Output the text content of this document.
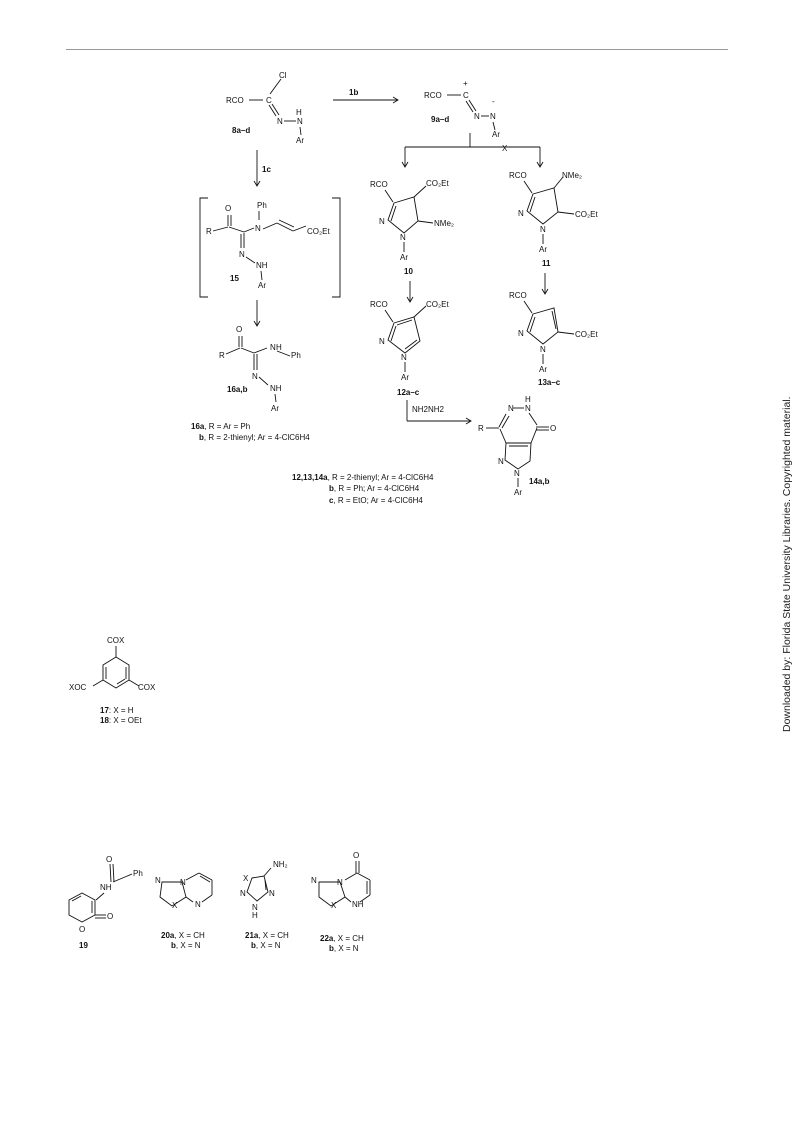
RCO	C
Cl
N N
H
Ar
8a–d
1b	RCO	C
+
N N
-
Ar
9a–d
X
1c
O
R	N
Ph
CO₂Et
N
NH
Ar
15
O
R
N H
Ph
N
NH
Ar
16a,b
16a, R = Ar = Ph
b, R = 2-thienyl; Ar = 4-ClC6H4
RCO	CO₂Et
NMe₂
N
N
Ar
10
RCO	NMe₂
CO₂Et
N
N
Ar
11
RCO	CO₂Et
N
N
Ar
12a–c
RCO
CO₂Et
N
N
Ar
13a–c
NH2NH2	N N
H
O
R
N
N
Ar
14a,b
12,13,14a, R = 2-thienyl; Ar = 4-ClC6H4
b, R = Ph; Ar = 4-ClC6H4
c, R = EtO; Ar = 4-ClC6H4
COX
XOC	COX
17: X = H
18: X = OEt
O
Ph
NH
O
O
19
N
X
N
N
20a, X = CH
b, X = N
NH₂
X
N
N
N
H
21a, X = CH
b, X = N
O
NH
N	N
X
22a, X = CH
b, X = N
Downloaded by: Florida State University Libraries. Copyrighted material.
